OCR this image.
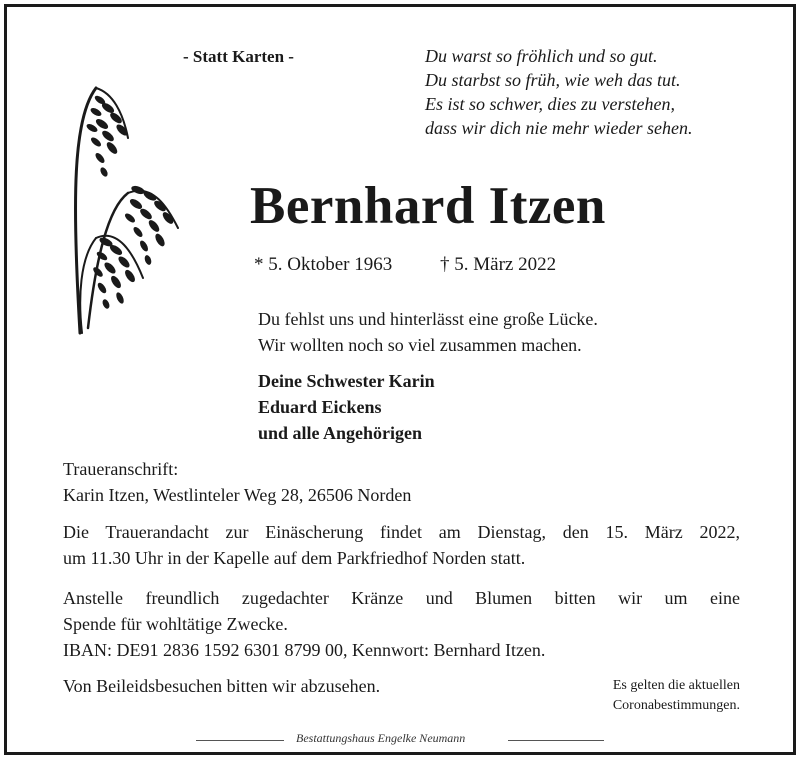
- Statt Karten -	Du warst so fröhlich und so gut.
Du starbst so früh, wie weh das tut.
Es ist so schwer, dies zu verstehen,
dass wir dich nie mehr wieder sehen.
Bernhard Itzen
* 5. Oktober 1963	† 5. März 2022
Du fehlst uns und hinterlässt eine große Lücke.
Wir wollten noch so viel zusammen machen.
Deine Schwester Karin
Eduard Eickens
und alle Angehörigen
Traueranschrift:
Karin Itzen, Westlinteler Weg 28, 26506 Norden
Die Trauerandacht zur Einäscherung findet am Dienstag, den 15. März 2022,
um 11.30 Uhr in der Kapelle auf dem Parkfriedhof Norden statt.
Anstelle freundlich zugedachter Kränze und Blumen bitten wir um eine
Spende für wohltätige Zwecke.
IBAN: DE91 2836 1592 6301 8799 00, Kennwort: Bernhard Itzen.
Von Beileidsbesuchen bitten wir abzusehen.	Es gelten die aktuellen
Coronabestimmungen.
Bestattungshaus Engelke Neumann
